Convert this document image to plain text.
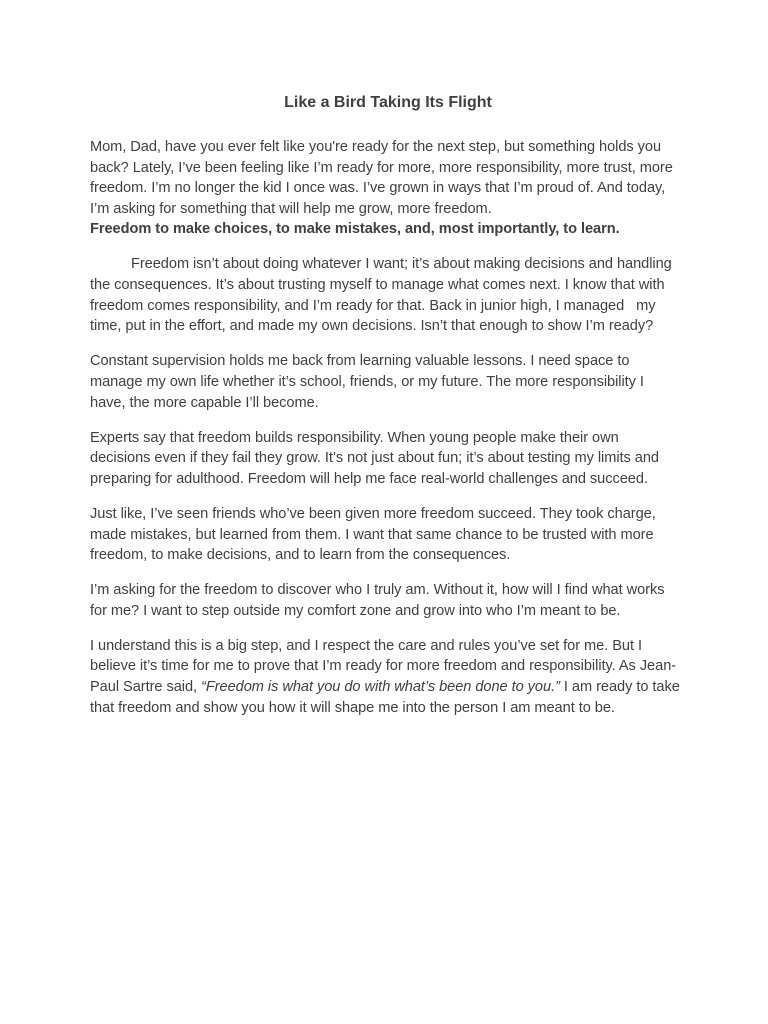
Like a Bird Taking Its Flight

Mom, Dad, have you ever felt like you're ready for the next step, but something holds you back? Lately, I’ve been feeling like I’m ready for more, more responsibility, more trust, more freedom. I’m no longer the kid I once was. I’ve grown in ways that I’m proud of. And today, I’m asking for something that will help me grow, more freedom.
Freedom to make choices, to make mistakes, and, most importantly, to learn.

Freedom isn’t about doing whatever I want; it’s about making decisions and handling the consequences. It’s about trusting myself to manage what comes next. I know that with freedom comes responsibility, and I’m ready for that. Back in junior high, I managed   my time, put in the effort, and made my own decisions. Isn’t that enough to show I’m ready?

Constant supervision holds me back from learning valuable lessons. I need space to manage my own life whether it’s school, friends, or my future. The more responsibility I have, the more capable I’ll become.

Experts say that freedom builds responsibility. When young people make their own decisions even if they fail they grow. It’s not just about fun; it’s about testing my limits and preparing for adulthood. Freedom will help me face real-world challenges and succeed.

Just like, I’ve seen friends who’ve been given more freedom succeed. They took charge, made mistakes, but learned from them. I want that same chance to be trusted with more freedom, to make decisions, and to learn from the consequences.

I’m asking for the freedom to discover who I truly am. Without it, how will I find what works for me? I want to step outside my comfort zone and grow into who I’m meant to be.

I understand this is a big step, and I respect the care and rules you’ve set for me. But I believe it’s time for me to prove that I’m ready for more freedom and responsibility. As Jean-Paul Sartre said, “Freedom is what you do with what’s been done to you.” I am ready to take that freedom and show you how it will shape me into the person I am meant to be.
